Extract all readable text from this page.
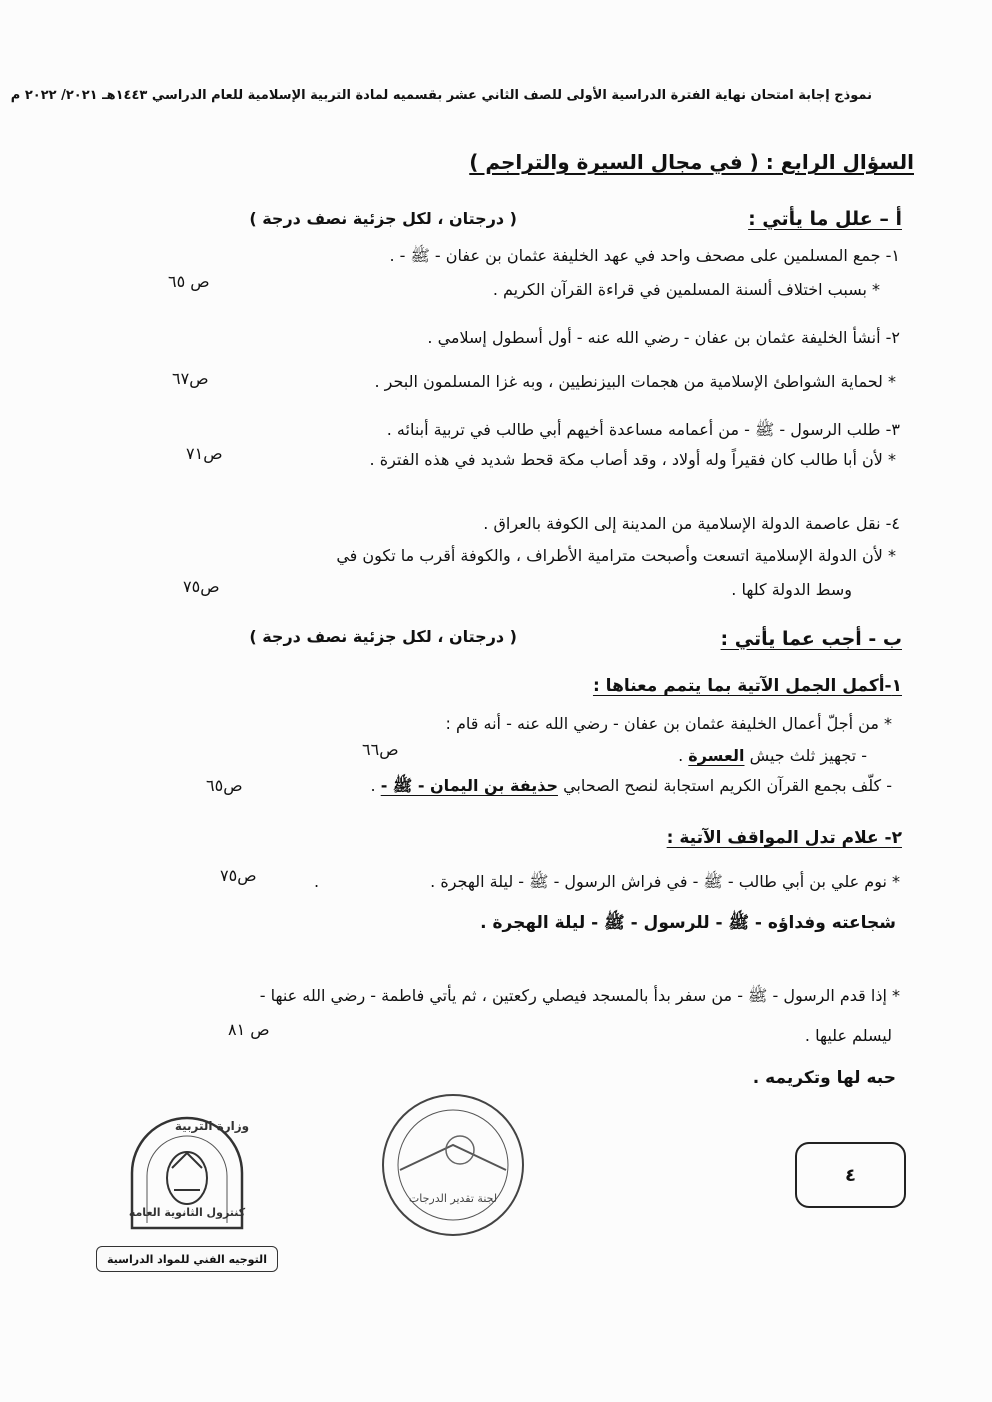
نموذج إجابة امتحان نهاية الفترة الدراسية الأولى للصف الثاني عشر بقسميه لمادة التربية الإسلامية للعام الدراسي ١٤٤٣هـ ٢٠٢١/ ٢٠٢٢ م
السؤال الرابع : ( في مجال السيرة والتراجم )
أ – علل ما يأتي :
( درجتان ، لكل جزئية نصف درجة )
١- جمع المسلمين على مصحف واحد في عهد الخليفة عثمان بن عفان - ﷺ - .
* بسبب اختلاف ألسنة المسلمين في قراءة القرآن الكريم .
ص ٦٥
٢- أنشأ الخليفة عثمان بن عفان - رضي الله عنه - أول أسطول إسلامي .
* لحماية الشواطئ الإسلامية من هجمات البيزنطيين ، وبه غزا المسلمون البحر .
ص٦٧
٣- طلب الرسول - ﷺ - من أعمامه مساعدة أخيهم أبي طالب في تربية أبنائه .
* لأن أبا طالب كان فقيراً وله أولاد ، وقد أصاب مكة قحط شديد في هذه الفترة .
ص٧١
٤- نقل عاصمة الدولة الإسلامية من المدينة إلى الكوفة بالعراق .
* لأن الدولة الإسلامية اتسعت وأصبحت مترامية الأطراف ، والكوفة أقرب ما تكون في
وسط الدولة كلها .
ص٧٥
ب - أجب عما يأتي :
( درجتان ، لكل جزئية نصف درجة )
١-أكمل الجمل الآتية بما يتمم معناها :
* من أجلّ أعمال الخليفة عثمان بن عفان - رضي الله عنه - أنه قام :
- تجهيز ثلث جيش العسرة .
ص٦٦
- كلّف بجمع القرآن الكريم استجابة لنصح الصحابي حذيفة بن اليمان - ﷺ - .
ص٦٥
٢- علام تدل المواقف الآتية :
* نوم علي بن أبي طالب - ﷺ - في فراش الرسول - ﷺ - ليلة الهجرة .
.
ص٧٥
شجاعته وفداؤه - ﷺ - للرسول - ﷺ - ليلة الهجرة .
* إذا قدم الرسول - ﷺ - من سفر بدأ بالمسجد فيصلي ركعتين ، ثم يأتي فاطمة - رضي الله عنها -
ليسلم عليها .
ص ٨١
حبه لها وتكريمه .
٤
لجنة تقدير الدرجات
وزارة التربية
كنترول الثانوية العامة
التوجيه الفني للمواد الدراسية
